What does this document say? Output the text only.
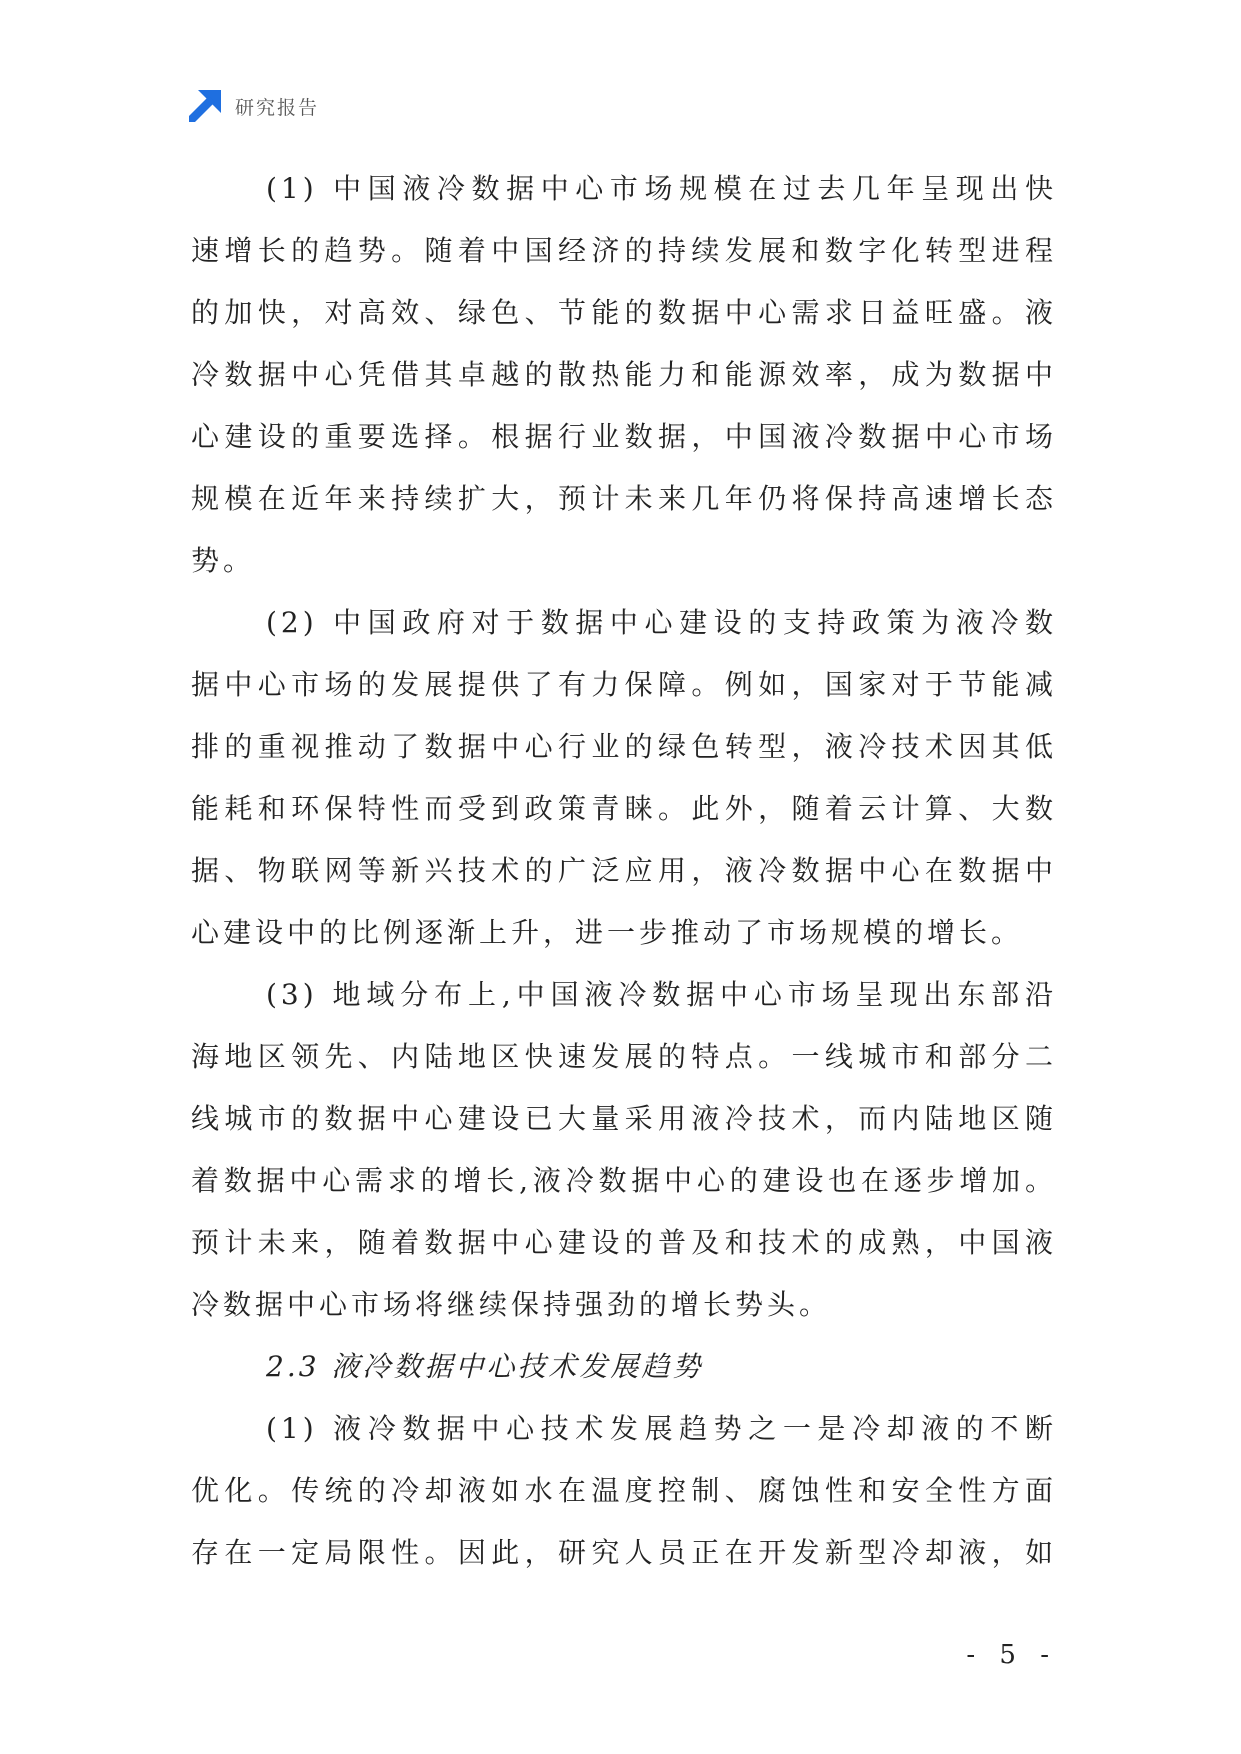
研究报告
(1) 中国液冷数据中心市场规模在过去几年呈现出快
速增长的趋势。随着中国经济的持续发展和数字化转型进程
的加快，对高效、绿色、节能的数据中心需求日益旺盛。液
冷数据中心凭借其卓越的散热能力和能源效率，成为数据中
心建设的重要选择。根据行业数据，中国液冷数据中心市场
规模在近年来持续扩大，预计未来几年仍将保持高速增长态
势。
(2) 中国政府对于数据中心建设的支持政策为液冷数
据中心市场的发展提供了有力保障。例如，国家对于节能减
排的重视推动了数据中心行业的绿色转型，液冷技术因其低
能耗和环保特性而受到政策青睐。此外，随着云计算、大数
据、物联网等新兴技术的广泛应用，液冷数据中心在数据中
心建设中的比例逐渐上升，进一步推动了市场规模的增长。
(3) 地域分布上,中国液冷数据中心市场呈现出东部沿
海地区领先、内陆地区快速发展的特点。一线城市和部分二
线城市的数据中心建设已大量采用液冷技术，而内陆地区随
着数据中心需求的增长,液冷数据中心的建设也在逐步增加。
预计未来，随着数据中心建设的普及和技术的成熟，中国液
冷数据中心市场将继续保持强劲的增长势头。
2.3 液冷数据中心技术发展趋势
(1) 液冷数据中心技术发展趋势之一是冷却液的不断
优化。传统的冷却液如水在温度控制、腐蚀性和安全性方面
存在一定局限性。因此，研究人员正在开发新型冷却液，如
- 5 -
